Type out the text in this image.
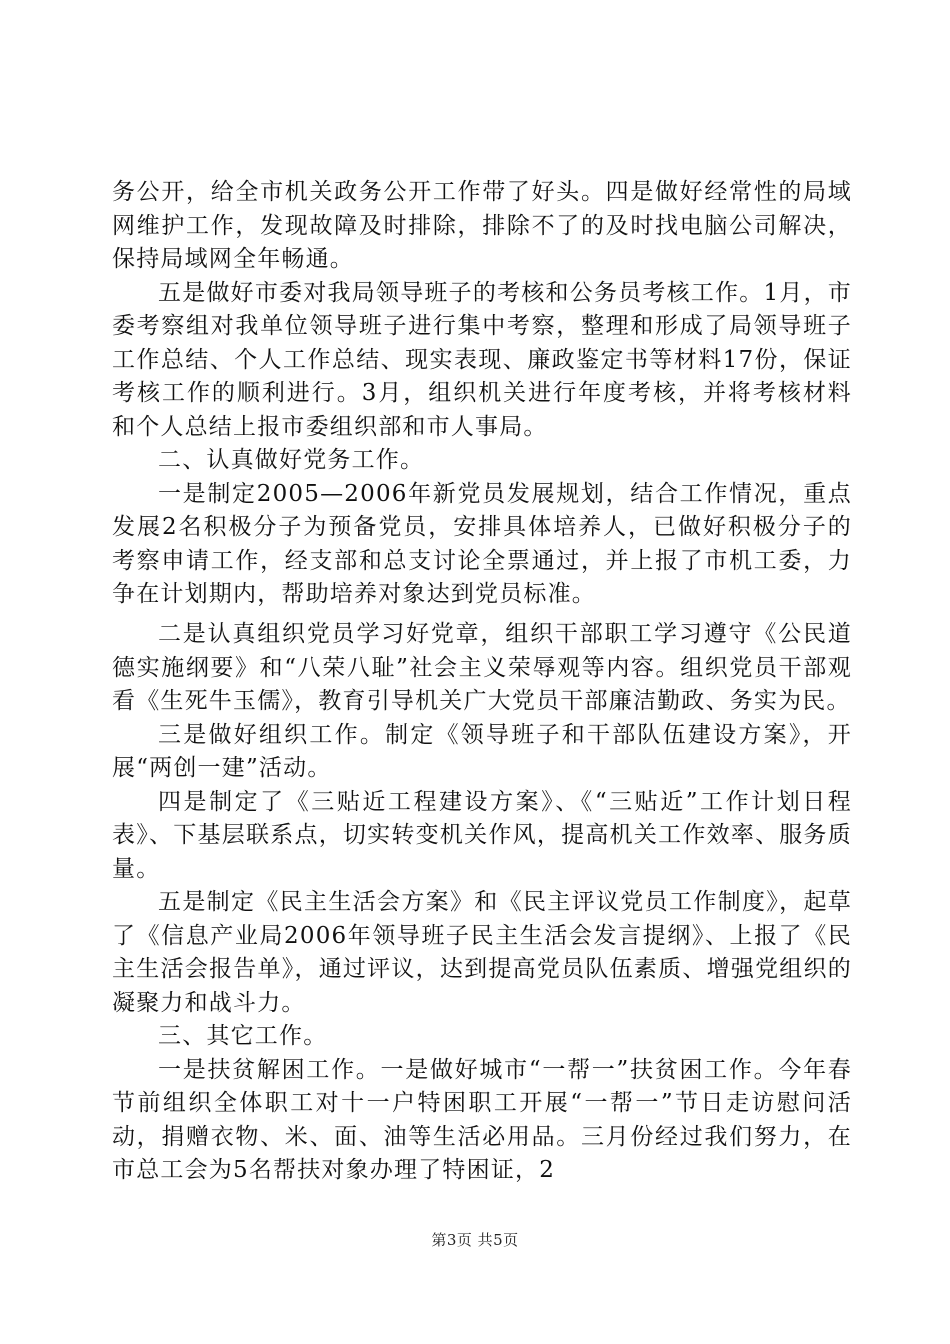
务公开，给全市机关政务公开工作带了好头。四是做好经常性的局域网维护工作，发现故障及时排除，排除不了的及时找电脑公司解决，保持局域网全年畅通。

五是做好市委对我局领导班子的考核和公务员考核工作。1月，市委考察组对我单位领导班子进行集中考察，整理和形成了局领导班子工作总结、个人工作总结、现实表现、廉政鉴定书等材料17份，保证考核工作的顺利进行。3月，组织机关进行年度考核，并将考核材料和个人总结上报市委组织部和市人事局。

二、认真做好党务工作。

一是制定2005—2006年新党员发展规划，结合工作情况，重点发展2名积极分子为预备党员，安排具体培养人，已做好积极分子的考察申请工作，经支部和总支讨论全票通过，并上报了市机工委，力争在计划期内，帮助培养对象达到党员标准。

二是认真组织党员学习好党章，组织干部职工学习遵守《公民道德实施纲要》和“八荣八耻”社会主义荣辱观等内容。组织党员干部观看《生死牛玉儒》，教育引导机关广大党员干部廉洁勤政、务实为民。

三是做好组织工作。制定《领导班子和干部队伍建设方案》，开展“两创一建”活动。

四是制定了《三贴近工程建设方案》、《“三贴近”工作计划日程表》、下基层联系点，切实转变机关作风，提高机关工作效率、服务质量。

五是制定《民主生活会方案》和《民主评议党员工作制度》，起草了《信息产业局2006年领导班子民主生活会发言提纲》、上报了《民主生活会报告单》，通过评议，达到提高党员队伍素质、增强党组织的凝聚力和战斗力。

三、其它工作。

一是扶贫解困工作。一是做好城市“一帮一”扶贫困工作。今年春节前组织全体职工对十一户特困职工开展“一帮一”节日走访慰问活动，捐赠衣物、米、面、油等生活必用品。三月份经过我们努力，在市总工会为5名帮扶对象办理了特困证，2

第3页 共5页
